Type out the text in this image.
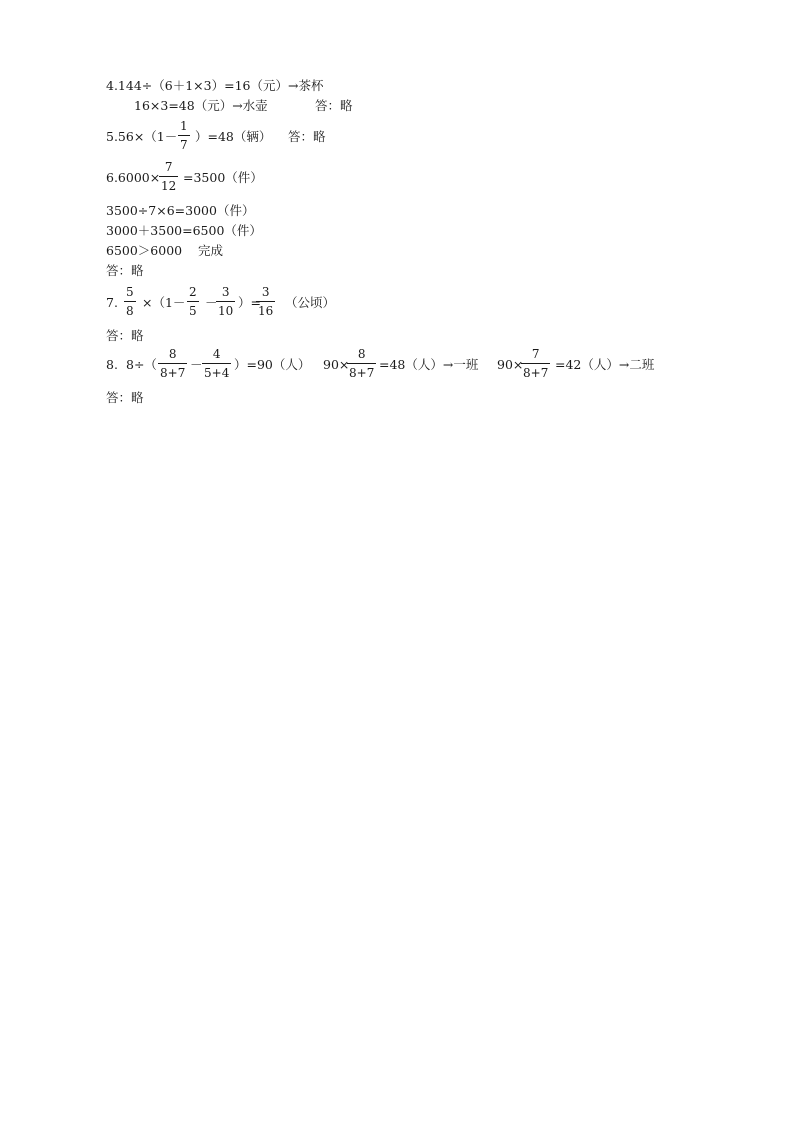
4.144÷（6＋1×3）=16（元）→茶杯
16×3=48（元）→水壶	答：略
5.56×（1－
1
7
）=48（辆） 答：略
6.6000×
7
12
=3500（件）
3500÷7×6=3000（件）
3000＋3500=6500（件）
6500＞6000 完成
答：略
7.
5
8
×（1－
2
5
－
3
10
）=
3
16
（公顷）
答：略
8. 8÷（
8
8+7
－
4
5+4
）=90（人） 90×
8
8+7
=48（人）→一班 90×
7
8+7
=42（人）→二班
答：略
